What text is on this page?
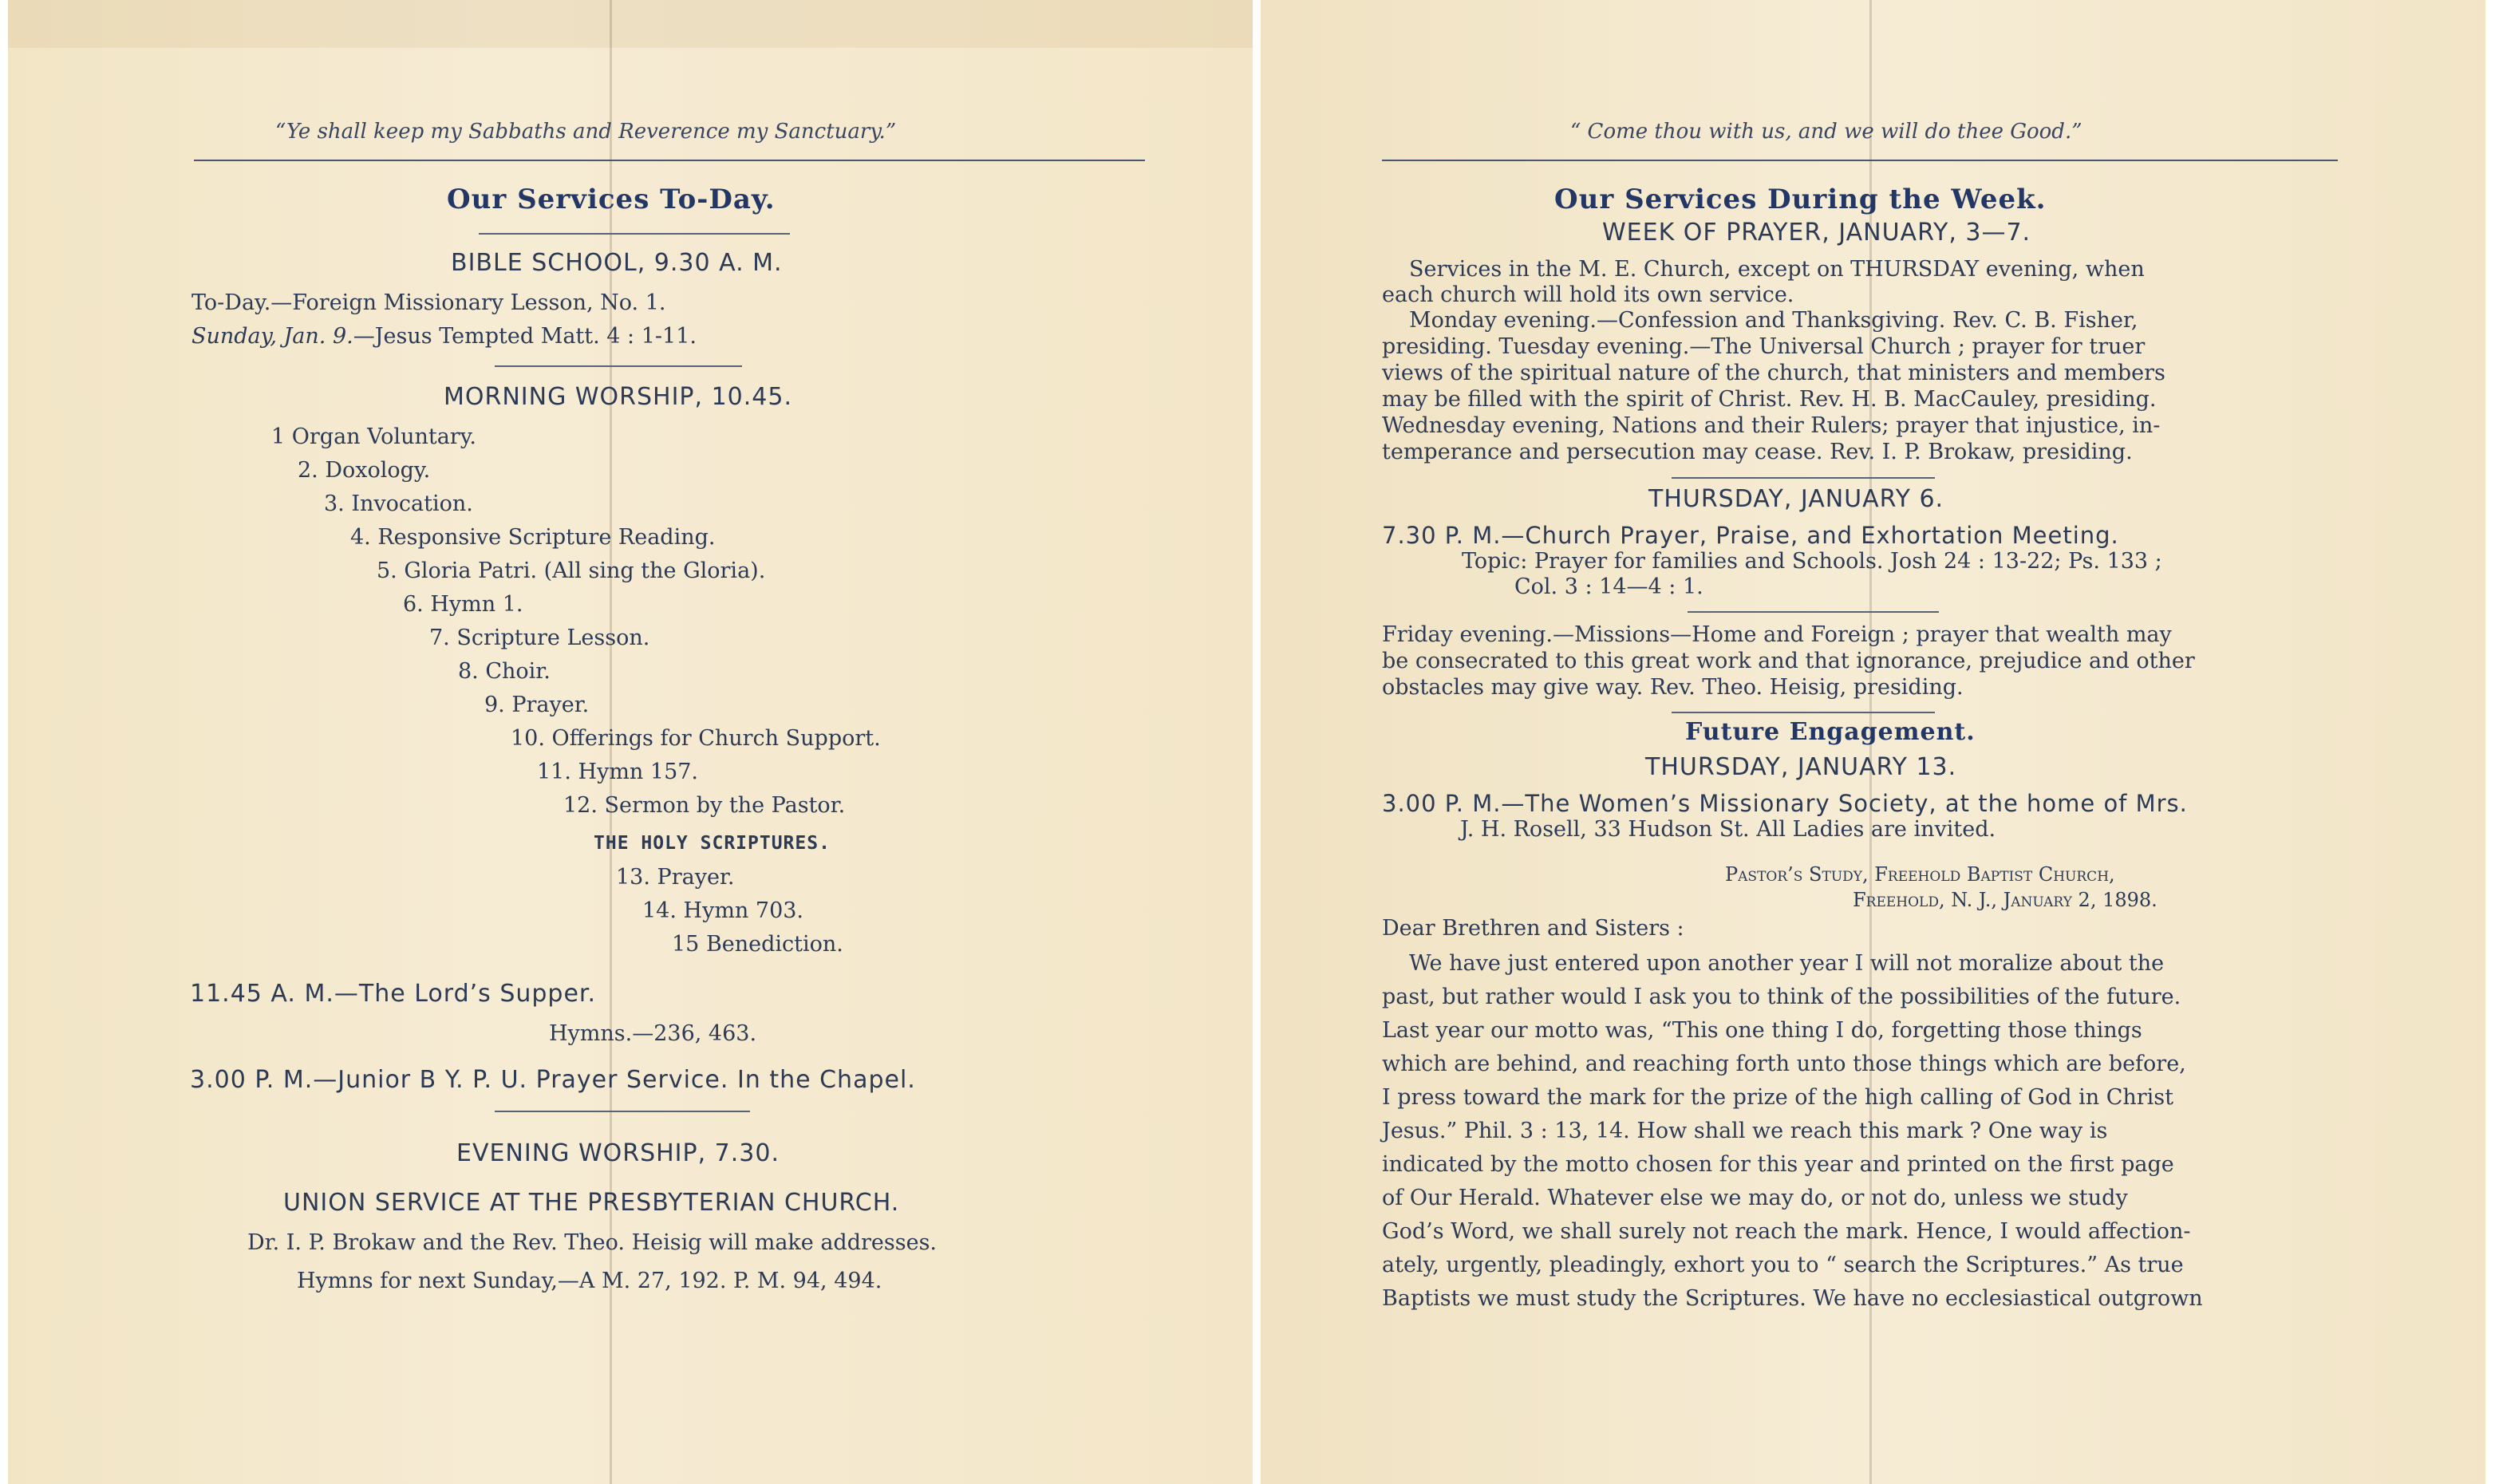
“Ye shall keep my Sabbaths and Reverence my Sanctuary.”
Our Services To-Day.
BIBLE SCHOOL, 9.30 A. M.
To-Day.—Foreign Missionary Lesson, No. 1.
Sunday, Jan. 9.—Jesus Tempted Matt. 4 : 1-11.
MORNING WORSHIP, 10.45.
1 Organ Voluntary.
2. Doxology.
3. Invocation.
4. Responsive Scripture Reading.
5. Gloria Patri. (All sing the Gloria).
6. Hymn 1.
7. Scripture Lesson.
8. Choir.
9. Prayer.
10. Offerings for Church Support.
11. Hymn 157.
12. Sermon by the Pastor.
THE HOLY SCRIPTURES.
13. Prayer.
14. Hymn 703.
15 Benediction.
11.45 A. M.—The Lord’s Supper.
Hymns.—236, 463.
3.00 P. M.—Junior B Y. P. U. Prayer Service. In the Chapel.
EVENING WORSHIP, 7.30.
UNION SERVICE AT THE PRESBYTERIAN CHURCH.
Dr. I. P. Brokaw and the Rev. Theo. Heisig will make addresses.
Hymns for next Sunday,—A M. 27, 192. P. M. 94, 494.
“ Come thou with us, and we will do thee Good.”
Our Services During the Week.
WEEK OF PRAYER, JANUARY, 3—7.
Services in the M. E. Church, except on THURSDAY evening, when
each church will hold its own service.
Monday evening.—Confession and Thanksgiving. Rev. C. B. Fisher,
presiding. Tuesday evening.—The Universal Church ; prayer for truer
views of the spiritual nature of the church, that ministers and members
may be filled with the spirit of Christ. Rev. H. B. MacCauley, presiding.
Wednesday evening, Nations and their Rulers; prayer that injustice, in-
temperance and persecution may cease. Rev. I. P. Brokaw, presiding.
THURSDAY, JANUARY 6.
7.30 P. M.—Church Prayer, Praise, and Exhortation Meeting.
Topic: Prayer for families and Schools. Josh 24 : 13-22; Ps. 133 ;
Col. 3 : 14—4 : 1.
Friday evening.—Missions—Home and Foreign ; prayer that wealth may
be consecrated to this great work and that ignorance, prejudice and other
obstacles may give way. Rev. Theo. Heisig, presiding.
Future Engagement.
THURSDAY, JANUARY 13.
3.00 P. M.—The Women’s Missionary Society, at the home of Mrs.
J. H. Rosell, 33 Hudson St. All Ladies are invited.
Pastor’s Study, Freehold Baptist Church,
Freehold, N. J., January 2, 1898.
Dear Brethren and Sisters :
We have just entered upon another year I will not moralize about the
past, but rather would I ask you to think of the possibilities of the future.
Last year our motto was, “This one thing I do, forgetting those things
which are behind, and reaching forth unto those things which are before,
I press toward the mark for the prize of the high calling of God in Christ
Jesus.” Phil. 3 : 13, 14. How shall we reach this mark ? One way is
indicated by the motto chosen for this year and printed on the first page
of Our Herald. Whatever else we may do, or not do, unless we study
God’s Word, we shall surely not reach the mark. Hence, I would affection-
ately, urgently, pleadingly, exhort you to “ search the Scriptures.” As true
Baptists we must study the Scriptures. We have no ecclesiastical outgrown
